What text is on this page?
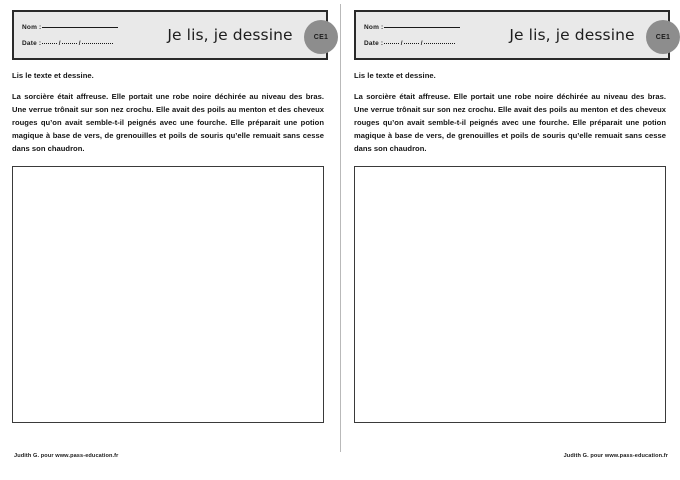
Nom :
Date :	/	/	Je lis, je dessine	CE1
Lis le texte et dessine.
La sorcière était affreuse. Elle portait une robe noire déchirée au niveau des bras. Une verrue trônait sur son nez crochu. Elle avait des poils au menton et des cheveux rouges qu’on avait semble-t-il peignés avec une fourche. Elle préparait une potion magique à base de vers, de grenouilles et poils de souris qu’elle remuait sans cesse dans son chaudron.
Judith G. pour www.pass-education.fr
Nom :
Date :	/	/	Je lis, je dessine	CE1
Lis le texte et dessine.
La sorcière était affreuse. Elle portait une robe noire déchirée au niveau des bras. Une verrue trônait sur son nez crochu. Elle avait des poils au menton et des cheveux rouges qu’on avait semble-t-il peignés avec une fourche. Elle préparait une potion magique à base de vers, de grenouilles et poils de souris qu’elle remuait sans cesse dans son chaudron.
Judith G. pour www.pass-education.fr
